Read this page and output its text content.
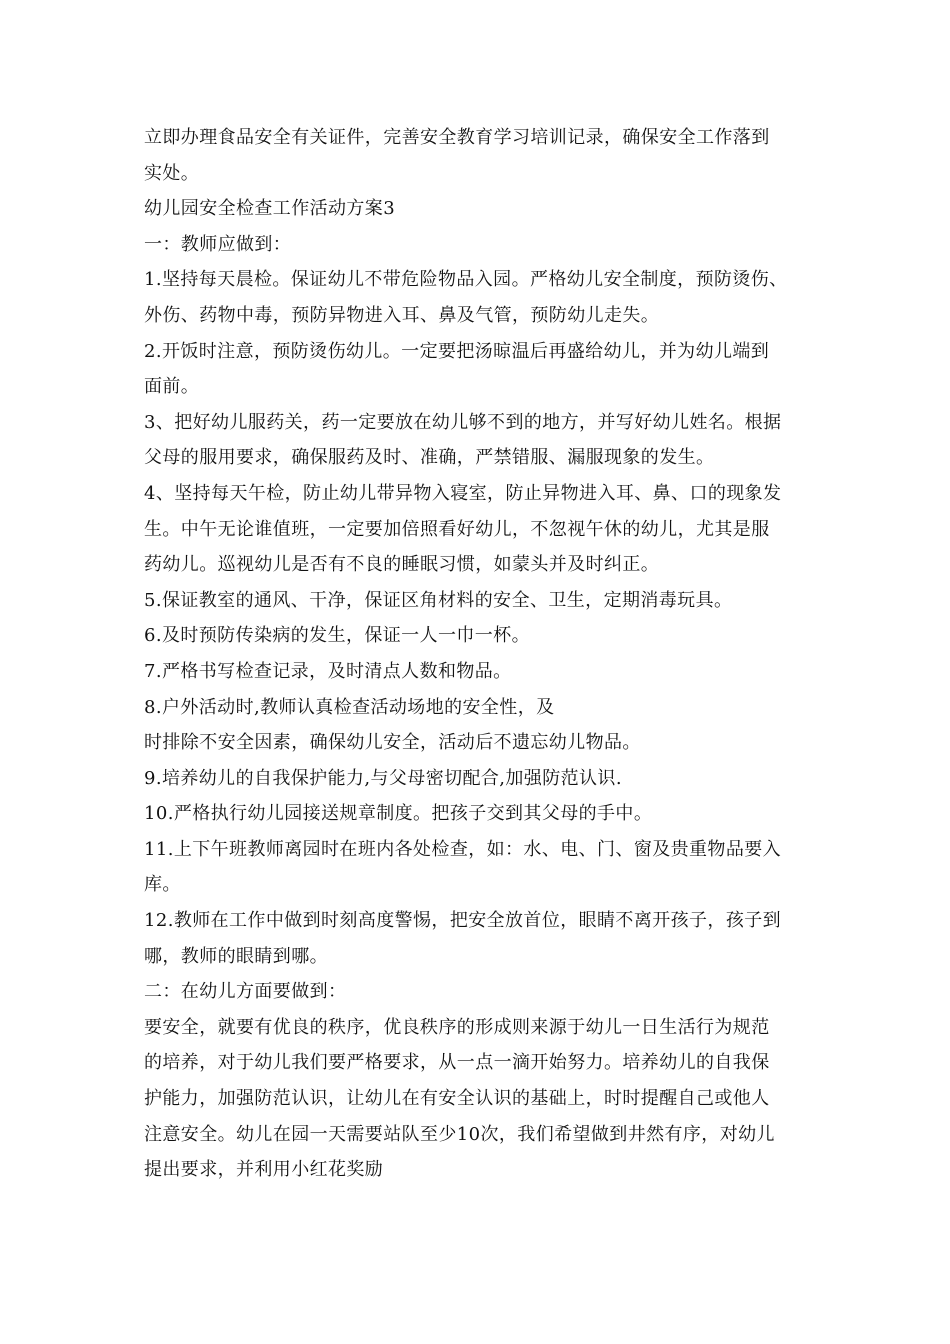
立即办理食品安全有关证件，完善安全教育学习培训记录，确保安全工作落到
实处。
幼儿园安全检查工作活动方案3
一：教师应做到：
1.坚持每天晨检。保证幼儿不带危险物品入园。严格幼儿安全制度，预防烫伤、
外伤、药物中毒，预防异物进入耳、鼻及气管，预防幼儿走失。
2.开饭时注意，预防烫伤幼儿。一定要把汤晾温后再盛给幼儿，并为幼儿端到
面前。
3、把好幼儿服药关，药一定要放在幼儿够不到的地方，并写好幼儿姓名。根据
父母的服用要求，确保服药及时、准确，严禁错服、漏服现象的发生。
4、坚持每天午检，防止幼儿带异物入寝室，防止异物进入耳、鼻、口的现象发
生。中午无论谁值班，一定要加倍照看好幼儿，不忽视午休的幼儿，尤其是服
药幼儿。巡视幼儿是否有不良的睡眠习惯，如蒙头并及时纠正。
5.保证教室的通风、干净，保证区角材料的安全、卫生，定期消毒玩具。
6.及时预防传染病的发生，保证一人一巾一杯。
7.严格书写检查记录，及时清点人数和物品。
8.户外活动时,教师认真检查活动场地的安全性，及
时排除不安全因素，确保幼儿安全，活动后不遗忘幼儿物品。
9.培养幼儿的自我保护能力,与父母密切配合,加强防范认识.
10.严格执行幼儿园接送规章制度。把孩子交到其父母的手中。
11.上下午班教师离园时在班内各处检查，如：水、电、门、窗及贵重物品要入
库。
12.教师在工作中做到时刻高度警惕，把安全放首位，眼睛不离开孩子，孩子到
哪，教师的眼睛到哪。
二：在幼儿方面要做到：
要安全，就要有优良的秩序，优良秩序的形成则来源于幼儿一日生活行为规范
的培养，对于幼儿我们要严格要求，从一点一滴开始努力。培养幼儿的自我保
护能力，加强防范认识，让幼儿在有安全认识的基础上，时时提醒自己或他人
注意安全。幼儿在园一天需要站队至少10次，我们希望做到井然有序，对幼儿
提出要求，并利用小红花奖励
